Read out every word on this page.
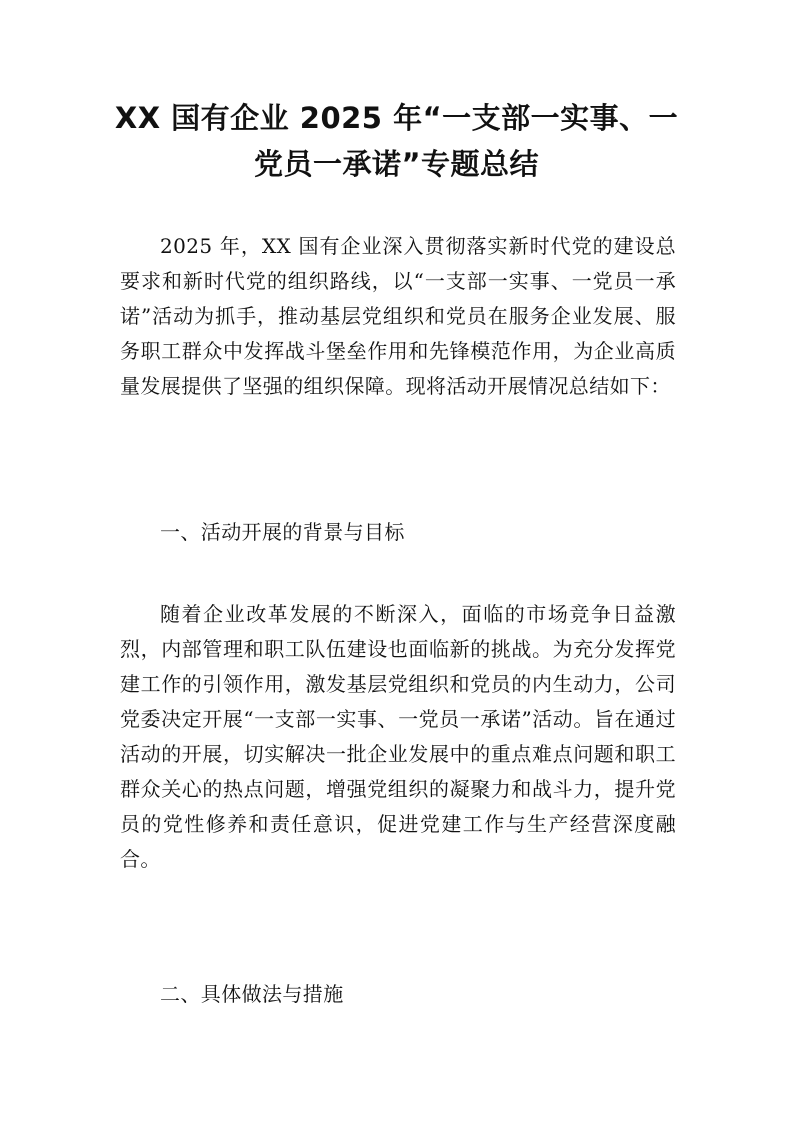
XX 国有企业 2025 年“一支部一实事、一
党员一承诺”专题总结

2025 年，XX 国有企业深入贯彻落实新时代党的建设总要求和新时代党的组织路线，以“一支部一实事、一党员一承诺”活动为抓手，推动基层党组织和党员在服务企业发展、服务职工群众中发挥战斗堡垒作用和先锋模范作用，为企业高质量发展提供了坚强的组织保障。现将活动开展情况总结如下：

一、活动开展的背景与目标

随着企业改革发展的不断深入，面临的市场竞争日益激烈，内部管理和职工队伍建设也面临新的挑战。为充分发挥党建工作的引领作用，激发基层党组织和党员的内生动力，公司党委决定开展“一支部一实事、一党员一承诺”活动。旨在通过活动的开展，切实解决一批企业发展中的重点难点问题和职工群众关心的热点问题，增强党组织的凝聚力和战斗力，提升党员的党性修养和责任意识，促进党建工作与生产经营深度融合。

二、具体做法与措施
